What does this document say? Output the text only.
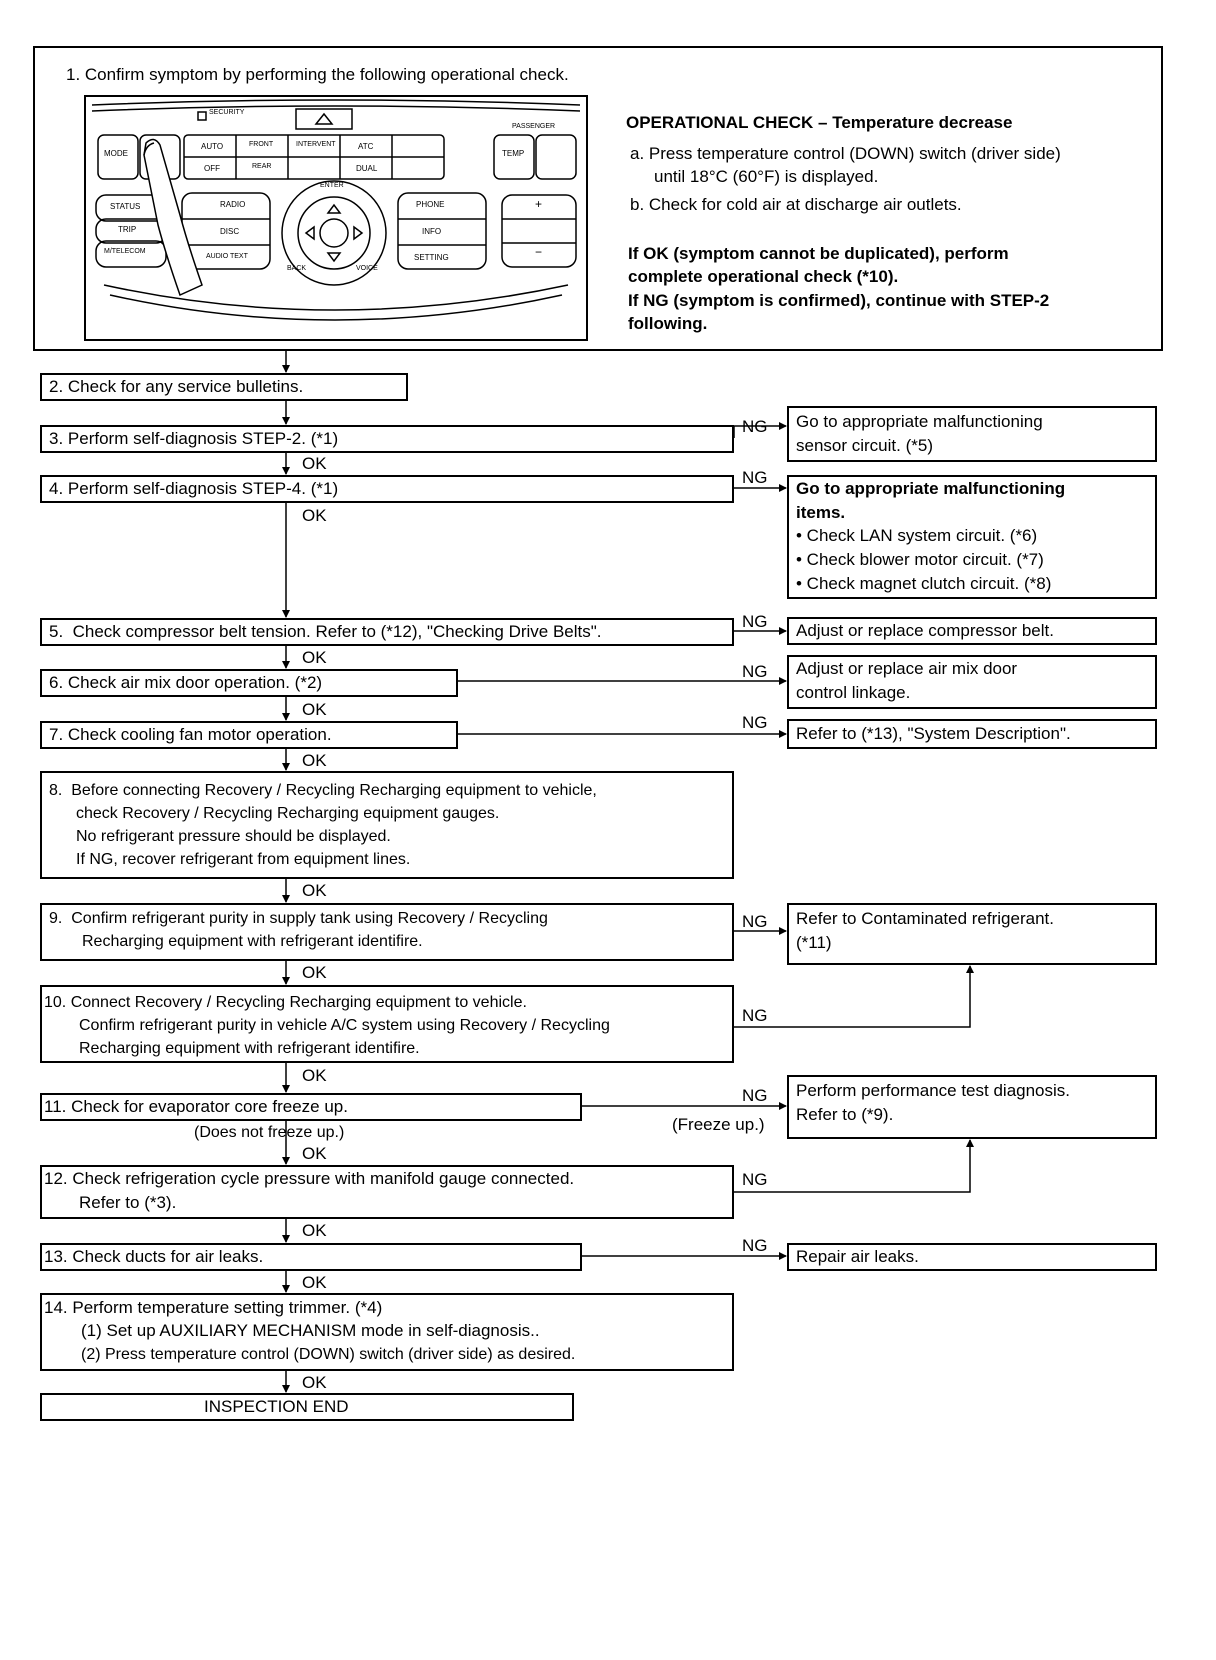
1. Confirm symptom by performing the following operational check.
SECURITY
PASSENGER
MODE
AUTO
OFF
FRONT
REAR
INTERVENT	ATC
DUAL
TEMP
STATUS
TRIP
M/TELECOM
RADIO
DISC
AUDIO TEXT
ENTER
BACK	VOICE
PHONE
INFO
SETTING
+
−
OPERATIONAL CHECK – Temperature decrease
a. Press temperature control (DOWN) switch (driver side)
until 18°C (60°F) is displayed.
b. Check for cold air at discharge air outlets.
If OK (symptom cannot be duplicated), perform
complete operational check (*10).
If NG (symptom is confirmed), continue with STEP-2
following.
2. Check for any service bulletins.
3. Perform self-diagnosis STEP-2. (*1)
4. Perform self-diagnosis STEP-4. (*1)
5.  Check compressor belt tension. Refer to (*12), "Checking Drive Belts".
6. Check air mix door operation. (*2)
7. Check cooling fan motor operation.
8.  Before connecting Recovery / Recycling Recharging equipment to vehicle,
check Recovery / Recycling Recharging equipment gauges.
No refrigerant pressure should be displayed.
If NG, recover refrigerant from equipment lines.
9.  Confirm refrigerant purity in supply tank using Recovery / Recycling
Recharging equipment with refrigerant identifire.
10. Connect Recovery / Recycling Recharging equipment to vehicle.
Confirm refrigerant purity in vehicle A/C system using Recovery / Recycling
Recharging equipment with refrigerant identifire.
11. Check for evaporator core freeze up.
12. Check refrigeration cycle pressure with manifold gauge connected.
Refer to (*3).
13. Check ducts for air leaks.
14. Perform temperature setting trimmer. (*4)
(1) Set up AUXILIARY MECHANISM mode in self-diagnosis..
(2) Press temperature control (DOWN) switch (driver side) as desired.
INSPECTION END
Go to appropriate malfunctioning
sensor circuit. (*5)
Go to appropriate malfunctioning
items.
• Check LAN system circuit. (*6)
• Check blower motor circuit. (*7)
• Check magnet clutch circuit. (*8)
Adjust or replace compressor belt.
Adjust or replace air mix door
control linkage.
Refer to (*13), "System Description".
Refer to Contaminated refrigerant.
(*11)
Perform performance test diagnosis.
Refer to (*9).
Repair air leaks.
OK
OK
OK
OK
OK
OK
OK
OK
OK
OK
OK
OK
(Does not freeze up.)
NG
NG
NG
NG
NG
NG
NG
NG
(Freeze up.)
NG
NG
